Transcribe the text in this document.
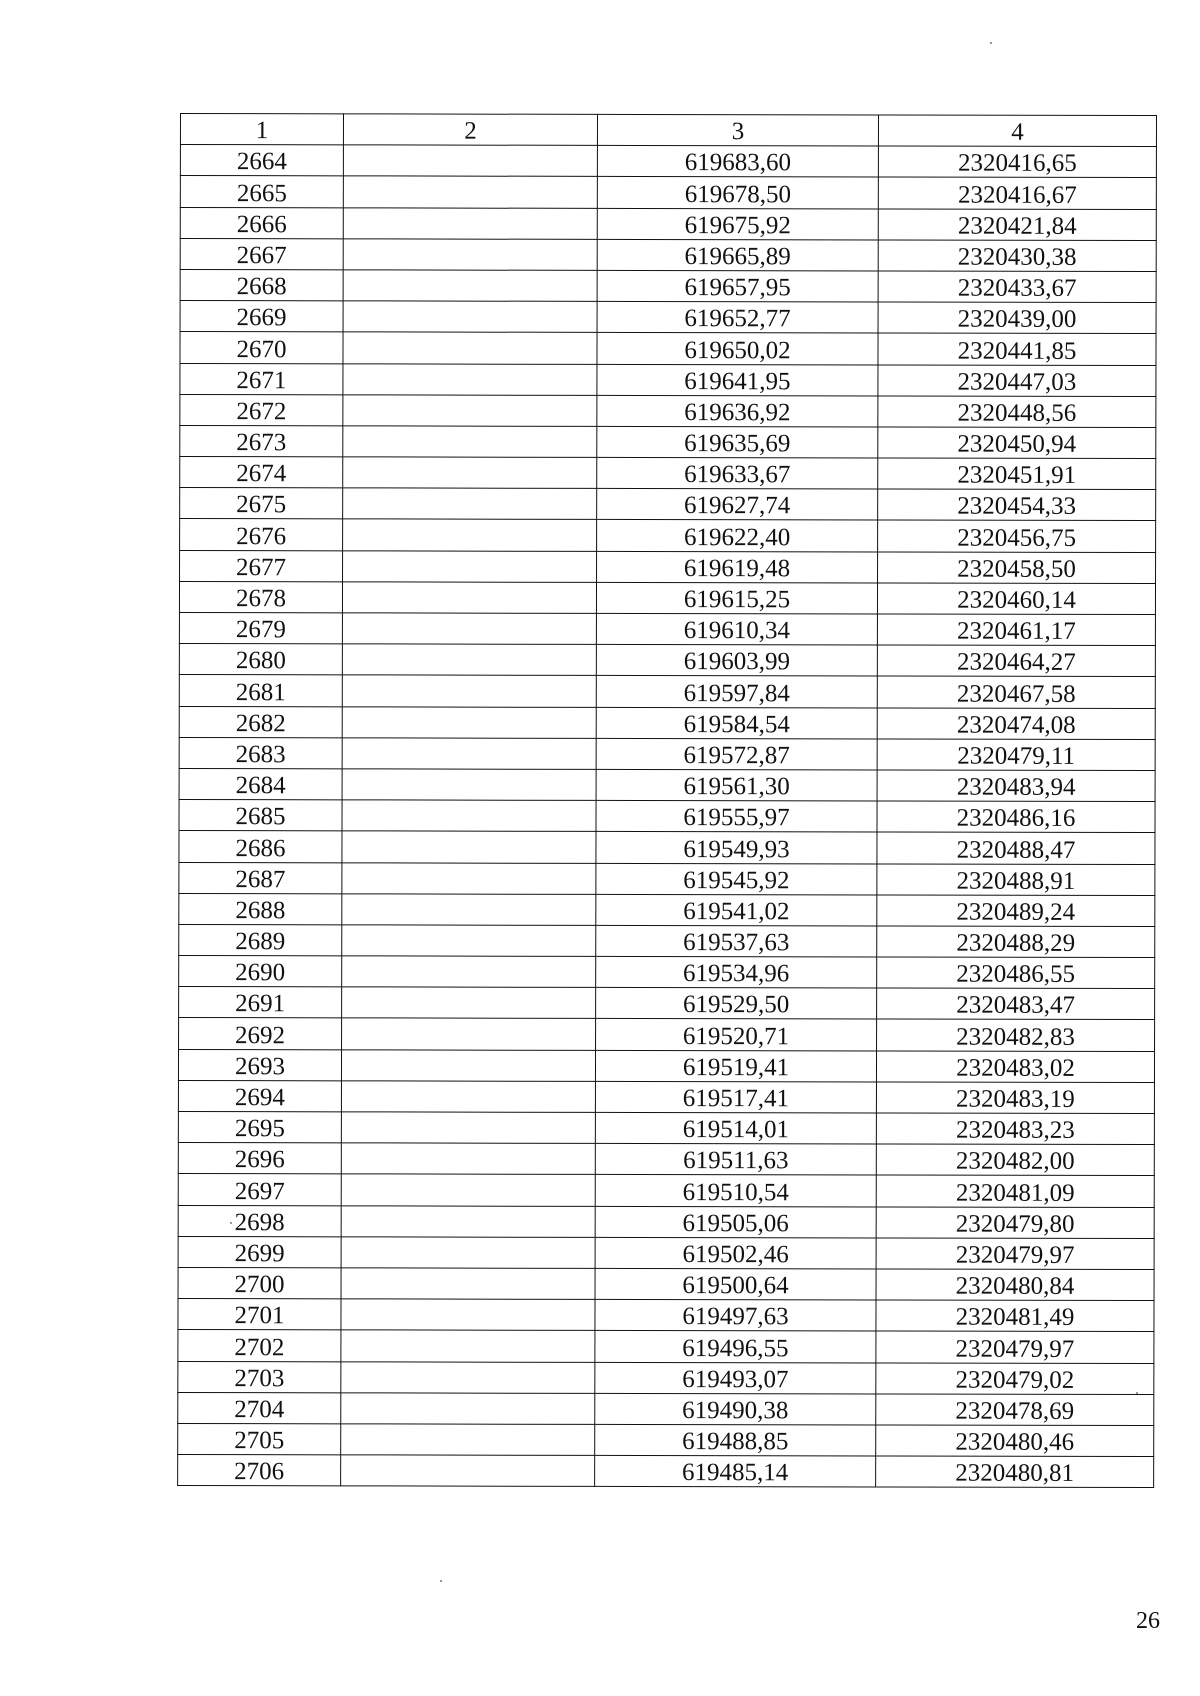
1	2	3	4
2664		619683,60	2320416,65
2665		619678,50	2320416,67
2666		619675,92	2320421,84
2667		619665,89	2320430,38
2668		619657,95	2320433,67
2669		619652,77	2320439,00
2670		619650,02	2320441,85
2671		619641,95	2320447,03
2672		619636,92	2320448,56
2673		619635,69	2320450,94
2674		619633,67	2320451,91
2675		619627,74	2320454,33
2676		619622,40	2320456,75
2677		619619,48	2320458,50
2678		619615,25	2320460,14
2679		619610,34	2320461,17
2680		619603,99	2320464,27
2681		619597,84	2320467,58
2682		619584,54	2320474,08
2683		619572,87	2320479,11
2684		619561,30	2320483,94
2685		619555,97	2320486,16
2686		619549,93	2320488,47
2687		619545,92	2320488,91
2688		619541,02	2320489,24
2689		619537,63	2320488,29
2690		619534,96	2320486,55
2691		619529,50	2320483,47
2692		619520,71	2320482,83
2693		619519,41	2320483,02
2694		619517,41	2320483,19
2695		619514,01	2320483,23
2696		619511,63	2320482,00
2697		619510,54	2320481,09
2698		619505,06	2320479,80
2699		619502,46	2320479,97
2700		619500,64	2320480,84
2701		619497,63	2320481,49
2702		619496,55	2320479,97
2703		619493,07	2320479,02
2704		619490,38	2320478,69
2705		619488,85	2320480,46
2706		619485,14	2320480,81
26
